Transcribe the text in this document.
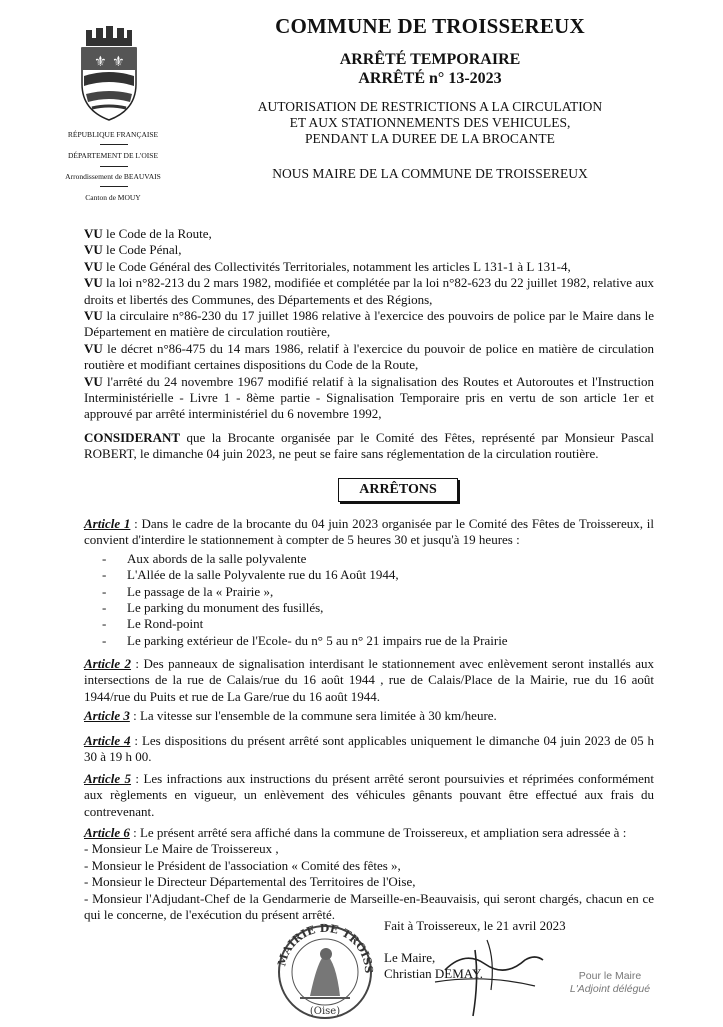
⚜ ⚜
RÉPUBLIQUE FRANÇAISE
DÉPARTEMENT DE L'OISE
Arrondissement de BEAUVAIS
Canton de MOUY
COMMUNE DE TROISSEREUX
ARRÊTÉ TEMPORAIRE
ARRÊTÉ n° 13-2023
AUTORISATION DE RESTRICTIONS A LA CIRCULATION
ET AUX STATIONNEMENTS DES VEHICULES,
PENDANT LA DUREE DE LA BROCANTE
NOUS MAIRE DE LA COMMUNE DE TROISSEREUX

VU le Code de la Route,

VU le Code Pénal,

VU le Code Général des Collectivités Territoriales, notamment les articles L 131-1 à L 131-4,

VU la loi n°82-213 du 2 mars 1982, modifiée et complétée par la loi n°82-623 du 22 juillet 1982, relative aux droits et libertés des Communes, des Départements et des Régions,

VU la circulaire n°86-230 du 17 juillet 1986 relative à l'exercice des pouvoirs de police par le Maire dans le Département en matière de circulation routière,

VU le décret n°86-475 du 14 mars 1986, relatif à l'exercice du pouvoir de police en matière de circulation routière et modifiant certaines dispositions du Code de la Route,

VU l'arrêté du 24 novembre 1967 modifié relatif à la signalisation des Routes et Autoroutes et l'Instruction Interministérielle - Livre 1 - 8ème partie - Signalisation Temporaire pris en vertu de son article 1er et approuvé par arrêté interministériel du 6 novembre 1992,

CONSIDERANT que la Brocante organisée par le Comité des Fêtes, représenté par Monsieur Pascal ROBERT, le dimanche 04 juin 2023, ne peut se faire sans réglementation de la circulation routière.

ARRÊTONS

Article 1 : Dans le cadre de la brocante du 04 juin 2023 organisée par le Comité des Fêtes de Troissereux, il convient d'interdire le stationnement à compter de 5 heures 30 et jusqu'à 19 heures :

- Aux abords de la salle polyvalente
- L'Allée de la salle Polyvalente rue du 16 Août 1944,
- Le passage de la « Prairie »,
- Le parking du monument des fusillés,
- Le Rond-point
- Le parking extérieur de l'Ecole- du n° 5 au n° 21 impairs rue de la Prairie

Article 2 : Des panneaux de signalisation interdisant le stationnement avec enlèvement seront installés aux intersections de la rue de Calais/rue du 16 août 1944 , rue de Calais/Place de la Mairie, rue du 16 août 1944/rue du Puits et rue de La Gare/rue du 16 août 1944.

Article 3 : La vitesse sur l'ensemble de la commune sera limitée à 30 km/heure.

Article 4 : Les dispositions du présent arrêté sont applicables uniquement le dimanche 04 juin 2023 de 05 h 30 à 19 h 00.

Article 5 : Les infractions aux instructions du présent arrêté seront poursuivies et réprimées conformément aux règlements en vigueur, un enlèvement des véhicules gênants pouvant être effectué aux frais du contrevenant.

Article 6 : Le présent arrêté sera affiché dans la commune de Troissereux, et ampliation sera adressée à :

- Monsieur Le Maire de Troissereux ,
- Monsieur le Président de l'association « Comité des fêtes »,
- Monsieur le Directeur Départemental des Territoires de l'Oise,
- Monsieur l'Adjudant-Chef de la Gendarmerie de Marseille-en-Beauvaisis, qui seront chargés, chacun en ce qui le concerne, de l'exécution du présent arrêté.
Fait à Troissereux, le 21 avril 2023
Le Maire,
Christian DEMAY.
MAIRIE DE TROISS
(Oise)
Pour le Maire
L'Adjoint délégué
